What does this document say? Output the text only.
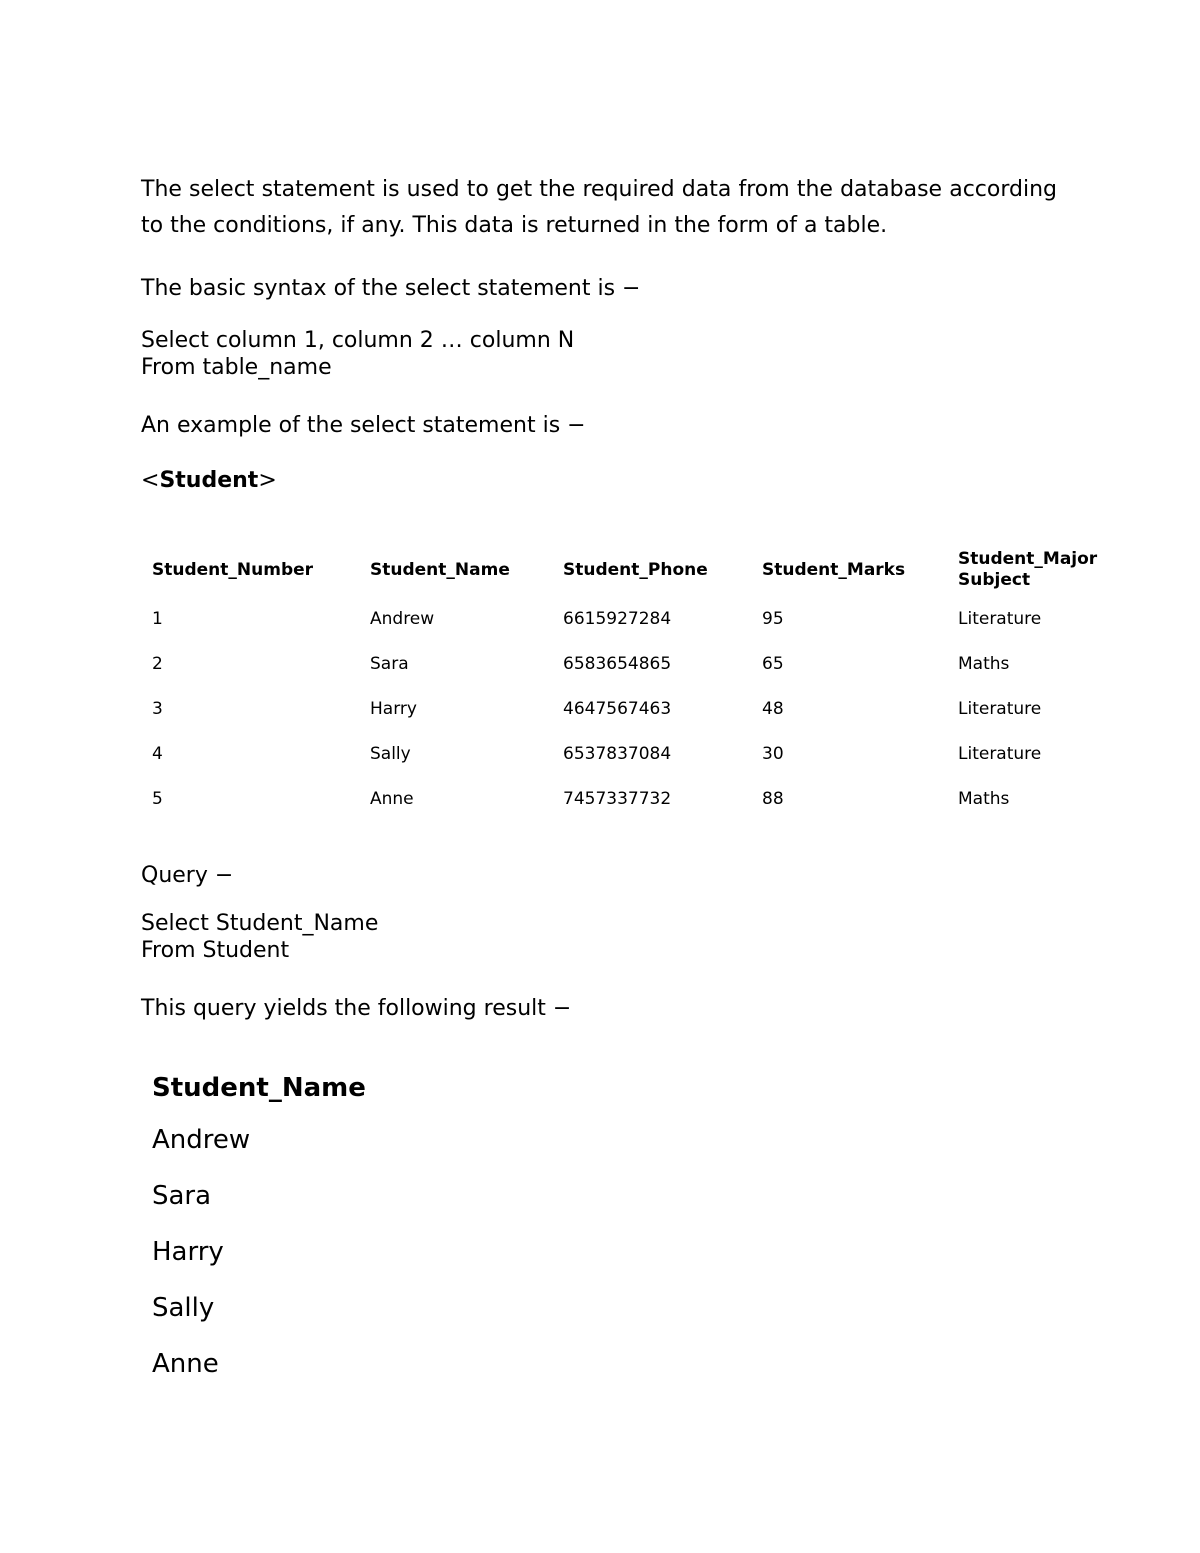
The select statement is used to get the required data from the database according to the conditions, if any. This data is returned in the form of a table.

The basic syntax of the select statement is −

Select column 1, column 2 … column N

From table_name

An example of the select statement is −

<Student>

Student_Number	Student_Name	Student_Phone	Student_Marks	Student_Major Subject
1	Andrew	6615927284	95	Literature
2	Sara	6583654865	65	Maths
3	Harry	4647567463	48	Literature
4	Sally	6537837084	30	Literature
5	Anne	7457337732	88	Maths

Query −

Select Student_Name

From Student

This query yields the following result −

Student_Name
Andrew
Sara
Harry
Sally
Anne
